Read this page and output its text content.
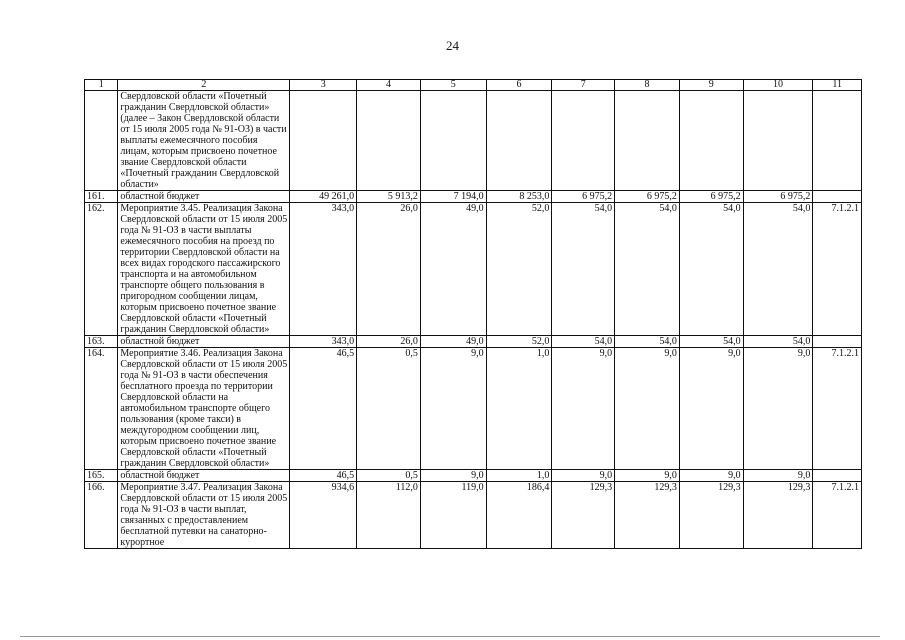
24
1	2	3	4	5	6	7	8	9	10	11
	Свердловской области «Почетный гражданин Свердловской области» (далее – Закон Свердловской области от 15 июля 2005 года № 91-ОЗ) в части выплаты ежемесячного пособия лицам, которым присвоено почетное звание Свердловской области «Почетный гражданин Свердловской области»									
161.	областной бюджет	49 261,0	5 913,2	7 194,0	8 253,0	6 975,2	6 975,2	6 975,2	6 975,2	
162.	Мероприятие 3.45. Реализация Закона Свердловской области от 15 июля 2005 года № 91-ОЗ в части выплаты ежемесячного пособия на проезд по территории Свердловской области на всех видах городского пассажирского транспорта и на автомобильном транспорте общего пользования в пригородном сообщении лицам, которым присвоено почетное звание Свердловской области «Почетный гражданин Свердловской области»	343,0	26,0	49,0	52,0	54,0	54,0	54,0	54,0	7.1.2.1
163.	областной бюджет	343,0	26,0	49,0	52,0	54,0	54,0	54,0	54,0	
164.	Мероприятие 3.46. Реализация Закона Свердловской области от 15 июля 2005 года № 91-ОЗ в части обеспечения бесплатного проезда по территории Свердловской области на автомобильном транспорте общего пользования (кроме такси) в междугородном сообщении лиц, которым присвоено почетное звание Свердловской области «Почетный гражданин Свердловской области»	46,5	0,5	9,0	1,0	9,0	9,0	9,0	9,0	7.1.2.1
165.	областной бюджет	46,5	0,5	9,0	1,0	9,0	9,0	9,0	9,0	
166.	Мероприятие 3.47. Реализация Закона Свердловской области от 15 июля 2005 года № 91-ОЗ в части выплат, связанных с предоставлением бесплатной путевки на санаторно-курортное	934,6	112,0	119,0	186,4	129,3	129,3	129,3	129,3	7.1.2.1
